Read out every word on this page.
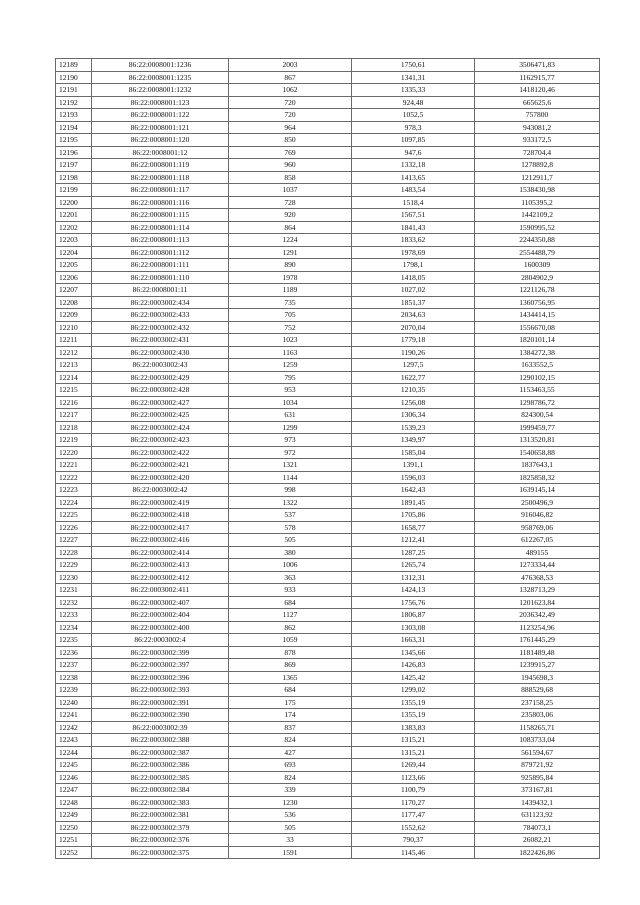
12189	86:22:0008001:1236	2003	1750,61	3506471,83
12190	86:22:0008001:1235	867	1341,31	1162915,77
12191	86:22:0008001:1232	1062	1335,33	1418120,46
12192	86:22:0008001:123	720	924,48	665625,6
12193	86:22:0008001:122	720	1052,5	757800
12194	86:22:0008001:121	964	978,3	943081,2
12195	86:22:0008001:120	850	1097,85	933172,5
12196	86:22:0008001:12	769	947,6	728704,4
12197	86:22:0008001:119	960	1332,18	1278892,8
12198	86:22:0008001:118	858	1413,65	1212911,7
12199	86:22:0008001:117	1037	1483,54	1538430,98
12200	86:22:0008001:116	728	1518,4	1105395,2
12201	86:22:0008001:115	920	1567,51	1442109,2
12202	86:22:0008001:114	864	1841,43	1590995,52
12203	86:22:0008001:113	1224	1833,62	2244350,88
12204	86:22:0008001:112	1291	1978,69	2554488,79
12205	86:22:0008001:111	890	1798,1	1600309
12206	86:22:0008001:110	1978	1418,05	2804902,9
12207	86:22:0008001:11	1189	1027,02	1221126,78
12208	86:22:0003002:434	735	1851,37	1360756,95
12209	86:22:0003002:433	705	2034,63	1434414,15
12210	86:22:0003002:432	752	2070,04	1556670,08
12211	86:22:0003002:431	1023	1779,18	1820101,14
12212	86:22:0003002:430	1163	1190,26	1384272,38
12213	86:22:0003002:43	1259	1297,5	1633552,5
12214	86:22:0003002:429	795	1622,77	1290102,15
12215	86:22:0003002:428	953	1210,35	1153463,55
12216	86:22:0003002:427	1034	1256,08	1298786,72
12217	86:22:0003002:425	631	1306,34	824300,54
12218	86:22:0003002:424	1299	1539,23	1999459,77
12219	86:22:0003002:423	973	1349,97	1313520,81
12220	86:22:0003002:422	972	1585,04	1540658,88
12221	86:22:0003002:421	1321	1391,1	1837643,1
12222	86:22:0003002:420	1144	1596,03	1825858,32
12223	86:22:0003002:42	998	1642,43	1639145,14
12224	86:22:0003002:419	1322	1891,45	2500496,9
12225	86:22:0003002:418	537	1705,86	916046,82
12226	86:22:0003002:417	578	1658,77	958769,06
12227	86:22:0003002:416	505	1212,41	612267,05
12228	86:22:0003002:414	380	1287,25	489155
12229	86:22:0003002:413	1006	1265,74	1273334,44
12230	86:22:0003002:412	363	1312,31	476368,53
12231	86:22:0003002:411	933	1424,13	1328713,29
12232	86:22:0003002:407	684	1756,76	1201623,84
12233	86:22:0003002:404	1127	1806,87	2036342,49
12234	86:22:0003002:400	862	1303,08	1123254,96
12235	86:22:0003002:4	1059	1663,31	1761445,29
12236	86:22:0003002:399	878	1345,66	1181489,48
12237	86:22:0003002:397	869	1426,83	1239915,27
12238	86:22:0003002:396	1365	1425,42	1945698,3
12239	86:22:0003002:393	684	1299,02	888529,68
12240	86:22:0003002:391	175	1355,19	237158,25
12241	86:22:0003002:390	174	1355,19	235803,06
12242	86:22:0003002:39	837	1383,83	1158265,71
12243	86:22:0003002:388	824	1315,21	1083733,04
12244	86:22:0003002:387	427	1315,21	561594,67
12245	86:22:0003002:386	693	1269,44	879721,92
12246	86:22:0003002:385	824	1123,66	925895,84
12247	86:22:0003002:384	339	1100,79	373167,81
12248	86:22:0003002:383	1230	1170,27	1439432,1
12249	86:22:0003002:381	536	1177,47	631123,92
12250	86:22:0003002:379	505	1552,62	784073,1
12251	86:22:0003002:376	33	790,37	26082,21
12252	86:22:0003002:375	1591	1145,46	1822426,86
